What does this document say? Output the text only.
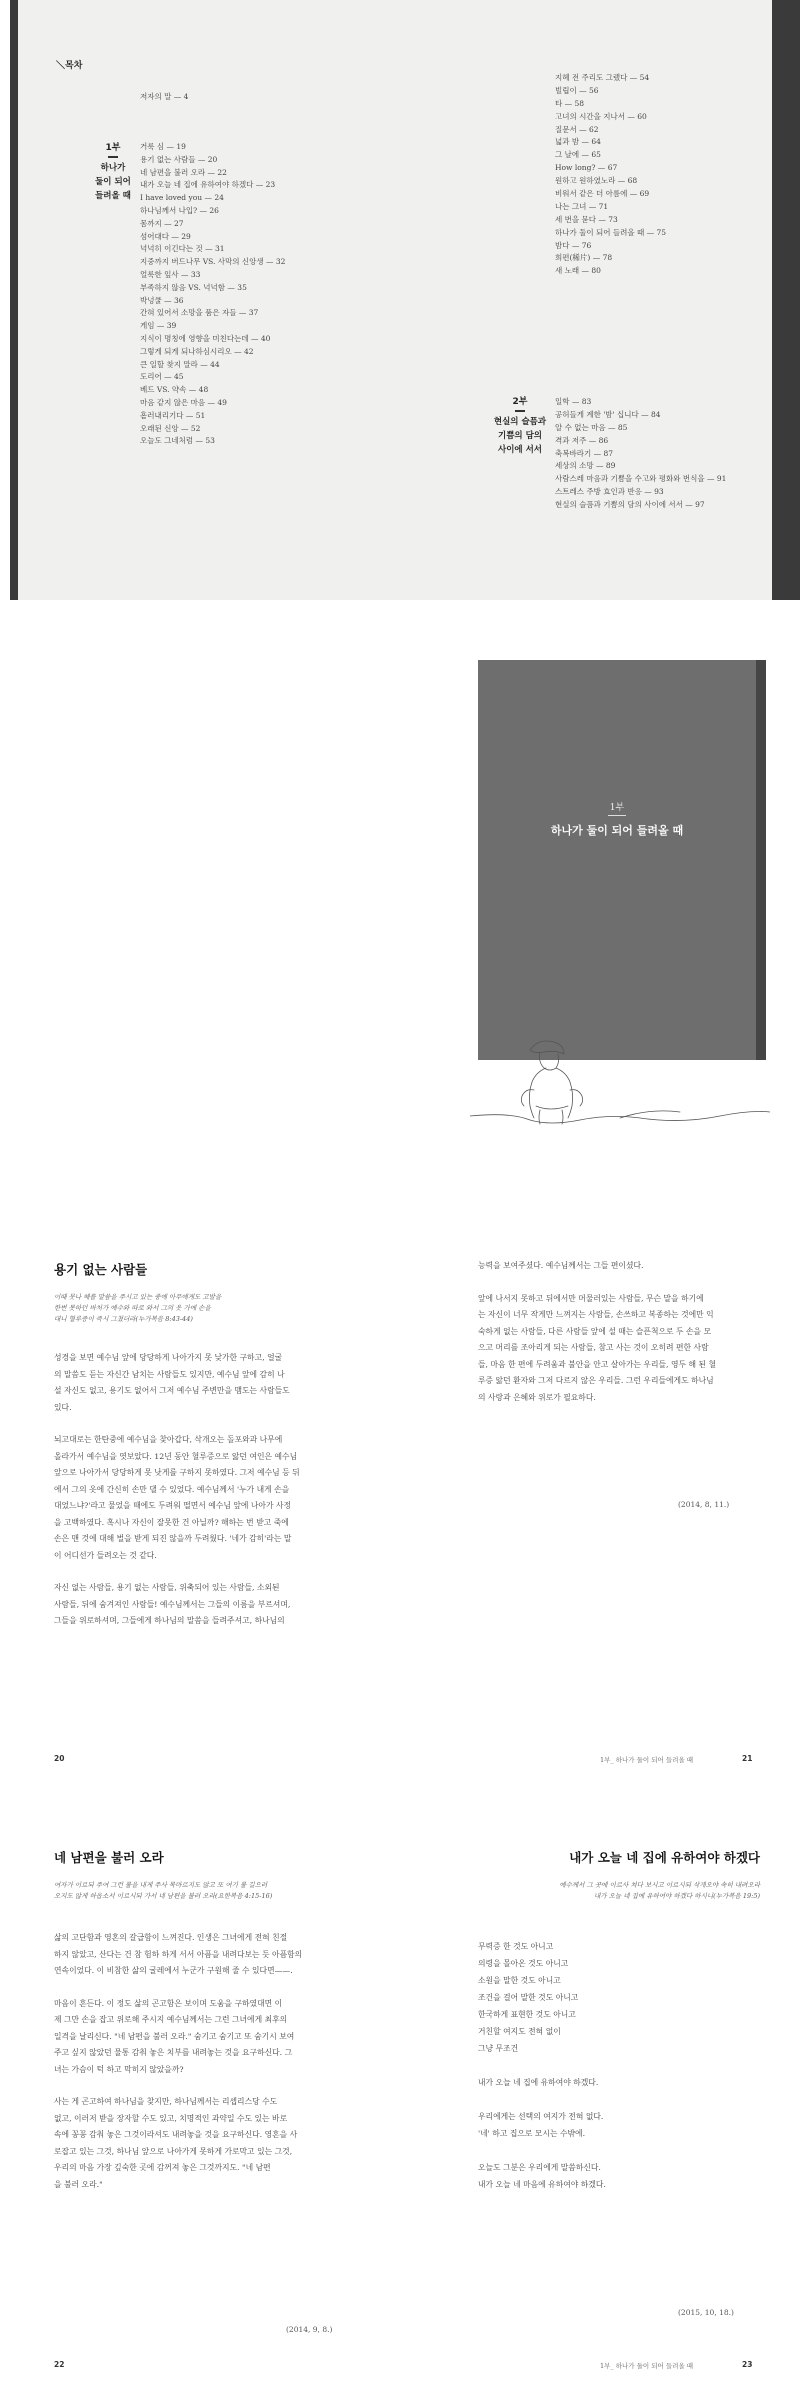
＼목차
저자의 말 — 4
1부
하나가
둘이 되어
들려올 때
거룩 심 — 19
용기 없는 사람들 — 20
네 남편을 불러 오라 — 22
내가 오늘 네 집에 유하여야 하겠다 — 23
I have loved you — 24
하나님께서 나입? — 26
몸까지 — 27
섬어대다 — 29
넉넉히 이긴다는 것 — 31
지중까지 버드나무 VS. 사막의 신앙생 — 32
얼룩한 잎사 — 33
부족하지 않음 VS. 넉넉함 — 35
박넝쿨 — 36
간혀 있어서 소망을 품은 자들 — 37
게임 — 39
지식이 명칭에 영향을 미친다는데 — 40
그렇게 되게 되나하심시리오 — 42
큰 일할 찾지 말라 — 44
도리어 — 45
베드 VS. 약속 — 48
마음 같지 않은 마음 — 49
흠러내리기다 — 51
오래된 신앙 — 52
오늘도 그네처럼 — 53
지혜 전 주리도 그랬다 — 54
빌립이 — 56
타 — 58
고녀의 시간을 지나서 — 60
질문서 — 62
넓과 밤 — 64
그 날에 — 65
How long? — 67
원하고 원하였노라 — 68
비워서 같은 더 아름에 — 69
나는 그녀 — 71
세 번을 묻다 — 73
하나가 둘이 되어 들려올 때 — 75
밤다 — 76
희편(稀片) — 78
새 노래 — 80
2부
현실의 슬픔과
기쁨의 담의
사이에 서서
일학 — 83
공허들게 계한 '밤' 십니다 — 84
알 수 없는 마음 — 85
격과 저주 — 86
축복바라기 — 87
세상의 소망 — 89
사람스레 마음과 기쁨을 수고와 평화와 번식을 — 91
스트레스 주방 효인과 반응 — 93
현실의 슬픔과 기쁨의 담의 사이에 서서 — 97
1부
하나가 둘이 되어 들려올 때
용기 없는 사람들
이때 뭇나 해를 말씀을 주시고 있는 중에 아무에게도 고발을
한번 못하던 바처가 예수와 따로 와서 그의 옷 가에 손을
대니 혈루증이 즉시 그쳤더라(누가복음 8:43-44)
성경을 보면 예수님 앞에 당당하게 나아가지 못 낮가한 구하고, 얼굴
의 말씀도 듣는 자신간 남치는 사람들도 있지만, 예수님 앞에 감히 나
설 자신도 없고, 용기도 없어서 그저 예수님 주변만을 맴도는 사람들도
있다.
뇌고대로는 한탄중에 예수님을 찾아갑다, 삭개오는 돌포와과 나무에
올라가서 예수님을 엿보았다. 12년 동안 혈루증으로 앓던 여인은 예수님
앞으로 나아가서 당당하게 못 낫게를 구하지 못하였다. 그저 예수님 등 뒤
에서 그의 옷에 간신히 손만 댈 수 있었다. 예수님께서 '누가 내게 손을
대었느냐?'라고 물었을 때에도 두려워 떨면서 예수님 앞에 나아가 사정
을 고백하였다. 혹시나 자신이 잘못한 건 아닐까? 해하는 번 받고 죽에
손은 맨 것에 대해 벌을 받게 되진 않을까 두려웠다. '네가 감히'라는 말
이 어디선가 들려오는 것 같다.
자신 없는 사람들, 용기 없는 사람들, 위축되어 있는 사람들, 소외된
사람들, 뒤에 숨겨져인 사람들! 예수님께서는 그들의 이름을 부르셔며,
그들을 위로하셔며, 그들에게 하나님의 말씀을 들려주셔고, 하나님의
20
능력을 보여주셨다. 예수님께서는 그들 편이셨다.
앞에 나서지 못하고 뒤에서만 머물러있는 사람들, 무슨 말을 하기에
는 자신이 너무 작게만 느껴지는 사람들, 손쓰하고 복종하는 것에만 익
숙하게 없는 사람들, 다른 사람들 앞에 설 때는 슬픈척으로 두 손을 모
으고 머리를 조아리게 되는 사람들, 참고 사는 것이 오히려 편한 사람
들, 마음 한 편에 두려움과 불안을 안고 살아가는 우리들, 영두 해 된 혈
루증 앓던 환자와 그저 다르지 않은 우리들. 그런 우리들에게도 하나님
의 사랑과 은혜와 위로가 필요하다.
(2014, 8, 11.)
1부_ 하나가 둘이 되어 들려올 때	21
네 남편을 불러 오라
여자가 이르되 주여 그런 물을 내게 주사 목마르지도 않고 또 여기 물 길으러
오지도 않게 하옵소서 이르시되 가서 네 남편을 불러 오라(요한복음 4:15-16)
삶의 고단함과 영혼의 갈급함이 느껴진다. 인생은 그녀에게 전혀 친절
하지 않았고, 산다는 건 참 험하 하게 서서 아픔을 내려다보는 듯 아픔함의
연속이었다. 이 비참한 삶의 굴레에서 누군가 구원해 줄 수 있다면——.
마음이 흔든다. 이 정도 삶의 곤고함은 보이며 도움을 구하였대면 이
제 그만 손을 잡고 위로해 주시지 예수님께서는 그런 그녀에게 최후의
일격을 날리신다. "네 남편을 불러 오라." 숨기고 숨기고 또 숨기시 보여
주고 싶지 않았던 물통 감춰 놓은 치부를 내려놓는 것을 요구하신다. 그
녀는 가슴이 턱 하고 막히지 않았을까?
사는 게 곤고하여 하나님을 찾지만, 하나님께서는 리셉리스당 수도
없고, 이러저 받을 장자할 수도 있고, 치명적인 과약일 수도 있는 바로
속에 꽁꽁 감춰 놓은 그것이라셔도 내려놓을 것을 요구하신다. 영혼을 사
로잡고 있는 그것, 하나님 앞으로 나아가게 못하게 가로막고 있는 그것,
우리의 마음 가장 깊숙한 곳에 감꺼져 놓은 그것까지도. "네 남편
을 불러 오라."
(2014, 9, 8.)
22
내가 오늘 네 집에 유하여야 하겠다
예수께서 그 곳에 이르사 쳐다 보시고 이르시되 삭개오야 속히 내려오라
내가 오늘 네 집에 유하여야 하겠다 하시니(누가복음 19:5)
무력증 한 것도 아니고
의령을 몰아온 것도 아니고
소원을 말한 것도 아니고
조건을 걸어 말한 것도 아니고
한국하게 표현한 것도 아니고
거친할 여지도 전혀 없이
그냥 무조건
내가 오늘 네 집에 유하여야 하겠다.
우리에게는 선택의 여지가 전혀 없다.
'네' 하고 집으로 모시는 수밖에.
오늘도 그분은 우리에게 말씀하신다.
내가 오늘 네 마음에 유하여야 하겠다.
(2015, 10, 18.)
1부_ 하나가 둘이 되어 들려올 때	23
